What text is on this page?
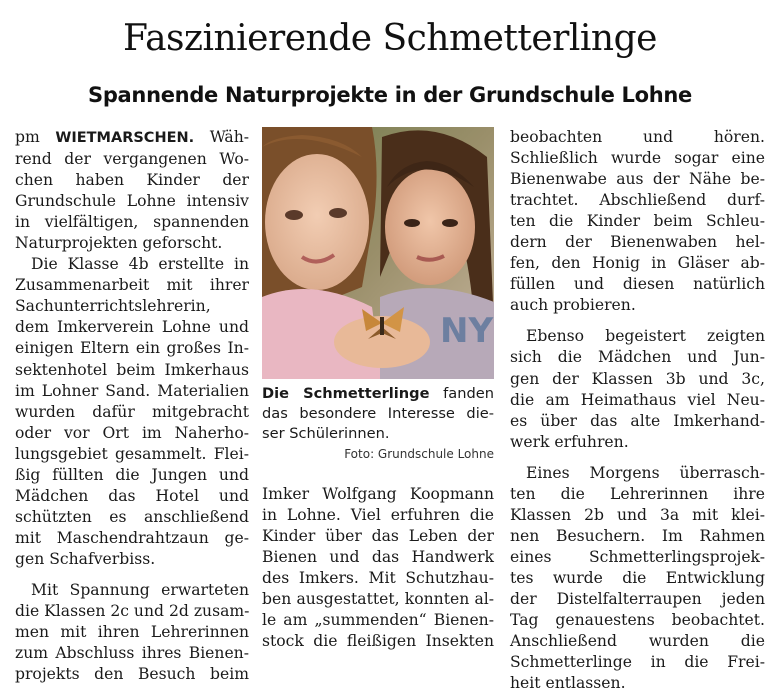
Faszinierende Schmetterlinge
Spannende Naturprojekte in der Grundschule Lohne

pm WIETMARSCHEN. Wäh-
rend der vergangenen Wo-
chen haben Kinder der
Grundschule Lohne intensiv
in vielfältigen, spannenden
Naturprojekten geforscht.

Die Klasse 4b erstellte in
Zusammenarbeit mit ihrer
Sachunterrichtslehrerin,
dem Imkerverein Lohne und
einigen Eltern ein großes In-
sektenhotel beim Imkerhaus
im Lohner Sand. Materialien
wurden dafür mitgebracht
oder vor Ort im Naherho-
lungsgebiet gesammelt. Flei-
ßig füllten die Jungen und
Mädchen das Hotel und
schützten es anschließend
mit Maschendrahtzaun ge-
gen Schafverbiss.

Mit Spannung erwarteten
die Klassen 2c und 2d zusam-
men mit ihren Lehrerinnen
zum Abschluss ihres Bienen-
projekts den Besuch beim

NY
Die Schmetterlinge fanden
das besondere Interesse die-
ser Schülerinnen.
Foto: Grundschule Lohne

Imker Wolfgang Koopmann
in Lohne. Viel erfuhren die
Kinder über das Leben der
Bienen und das Handwerk
des Imkers. Mit Schutzhau-
ben ausgestattet, konnten al-
le am „summenden“ Bienen-
stock die fleißigen Insekten

beobachten und hören.
Schließlich wurde sogar eine
Bienenwabe aus der Nähe be-
trachtet. Abschließend durf-
ten die Kinder beim Schleu-
dern der Bienenwaben hel-
fen, den Honig in Gläser ab-
füllen und diesen natürlich
auch probieren.

Ebenso begeistert zeigten
sich die Mädchen und Jun-
gen der Klassen 3b und 3c,
die am Heimathaus viel Neu-
es über das alte Imkerhand-
werk erfuhren.

Eines Morgens überrasch-
ten die Lehrerinnen ihre
Klassen 2b und 3a mit klei-
nen Besuchern. Im Rahmen
eines Schmetterlingsprojek-
tes wurde die Entwicklung
der Distelfalterraupen jeden
Tag genauestens beobachtet.
Anschließend wurden die
Schmetterlinge in die Frei-
heit entlassen.
